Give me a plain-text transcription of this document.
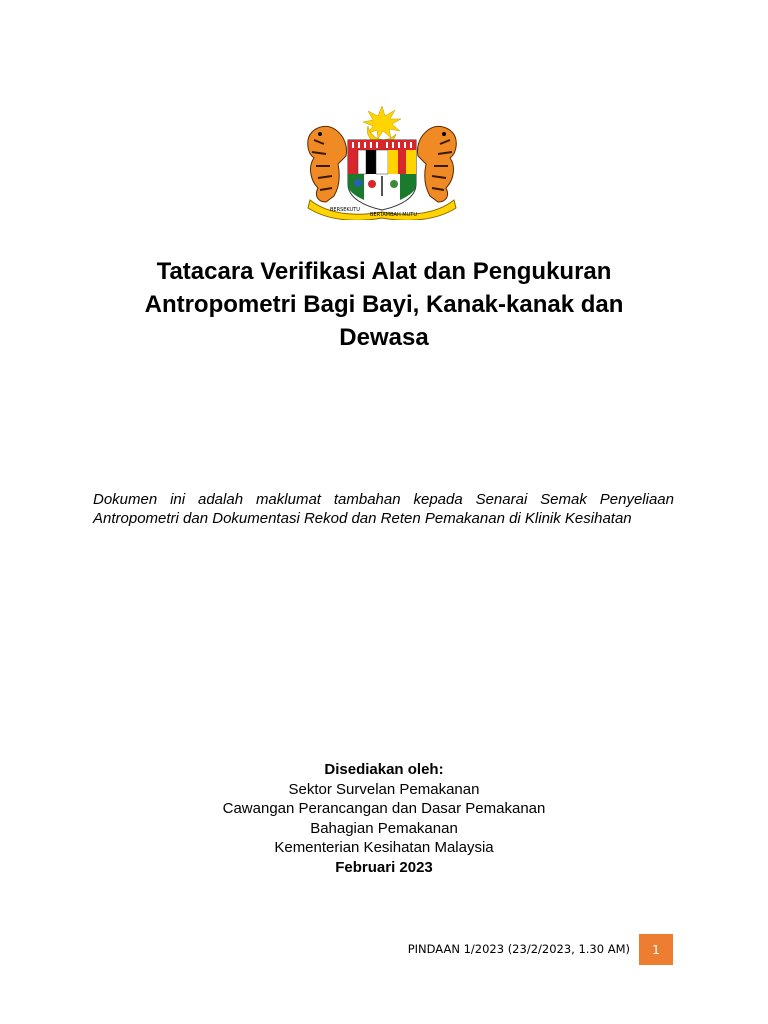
BERSEKUTU
BERTAMBAH MUTU
Tatacara Verifikasi Alat dan Pengukuran
Antropometri Bagi Bayi, Kanak-kanak dan
Dewasa
Dokumen ini adalah maklumat tambahan kepada Senarai Semak Penyeliaan Antropometri dan Dokumentasi Rekod dan Reten Pemakanan di Klinik Kesihatan
Disediakan oleh:
Sektor Survelan Pemakanan
Cawangan Perancangan dan Dasar Pemakanan
Bahagian Pemakanan
Kementerian Kesihatan Malaysia
Februari 2023
PINDAAN 1/2023 (23/2/2023, 1.30 AM)	1
